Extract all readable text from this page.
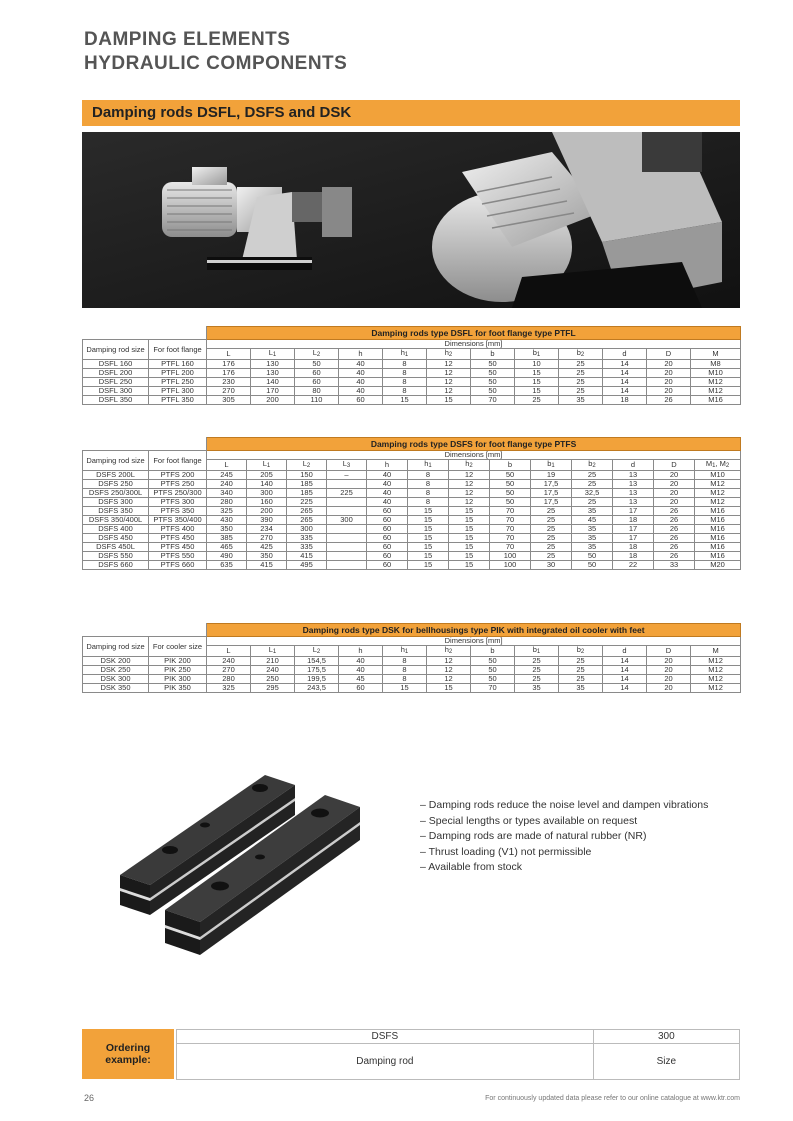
DAMPING ELEMENTS
HYDRAULIC COMPONENTS
Damping rods DSFL, DSFS and DSK
		Damping rods type DSFL for foot flange type PTFL											
Damping rod size	For foot flange	Dimensions [mm]											
		L	$L_1$	$L_2$	h	$h_1$	$h_2$	b	$b_1$	$b_2$	d	D	M
DSFL 160	PTFL 160	176	130	50	40	8	12	50	10	25	14	20	M8
DSFL 200	PTFL 200	176	130	60	40	8	12	50	15	25	14	20	M10
DSFL 250	PTFL 250	230	140	60	40	8	12	50	15	25	14	20	M12
DSFL 300	PTFL 300	270	170	80	40	8	12	50	15	25	14	20	M12
DSFL 350	PTFL 350	305	200	110	60	15	15	70	25	35	18	26	M16
		Damping rods type DSFS for foot flange type PTFS												
Damping rod size	For foot flange	Dimensions [mm]												
		L	$L_1$	$L_2$	$L_3$	h	$h_1$	$h_2$	b	$b_1$	$b_2$	d	D	$M_1$, $M_2$
DSFS 200L	PTFS 200	245	205	150	–	40	8	12	50	19	25	13	20	M10
DSFS 250	PTFS 250	240	140	185		40	8	12	50	17,5	25	13	20	M12
DSFS 250/300L	PTFS 250/300	340	300	185	225	40	8	12	50	17,5	32,5	13	20	M12
DSFS 300	PTFS 300	280	160	225		40	8	12	50	17,5	25	13	20	M12
DSFS 350	PTFS 350	325	200	265		60	15	15	70	25	35	17	26	M16
DSFS 350/400L	PTFS 350/400	430	390	265	300	60	15	15	70	25	45	18	26	M16
DSFS 400	PTFS 400	350	234	300		60	15	15	70	25	35	17	26	M16
DSFS 450	PTFS 450	385	270	335		60	15	15	70	25	35	17	26	M16
DSFS 450L	PTFS 450	465	425	335		60	15	15	70	25	35	18	26	M16
DSFS 550	PTFS 550	490	350	415		60	15	15	100	25	50	18	26	M16
DSFS 660	PTFS 660	635	415	495		60	15	15	100	30	50	22	33	M20
		Damping rods type DSK for bellhousings type PIK with integrated oil cooler with feet											
Damping rod size	For cooler size	Dimensions [mm]											
		L	$L_1$	$L_2$	h	$h_1$	$h_2$	b	$b_1$	$b_2$	d	D	M
DSK 200	PIK 200	240	210	154,5	40	8	12	50	25	25	14	20	M12
DSK 250	PIK 250	270	240	175,5	40	8	12	50	25	25	14	20	M12
DSK 300	PIK 300	280	250	199,5	45	8	12	50	25	25	14	20	M12
DSK 350	PIK 350	325	295	243,5	60	15	15	70	35	35	14	20	M12
– Damping rods reduce the noise level and dampen vibrations
– Special lengths or types available on request
– Damping rods are made of natural rubber (NR)
– Thrust loading (V1) not permissible
– Available from stock
Ordering
example:
DSFS	300
Damping rod	Size
26	For continuously updated data please refer to our online catalogue at www.ktr.com
